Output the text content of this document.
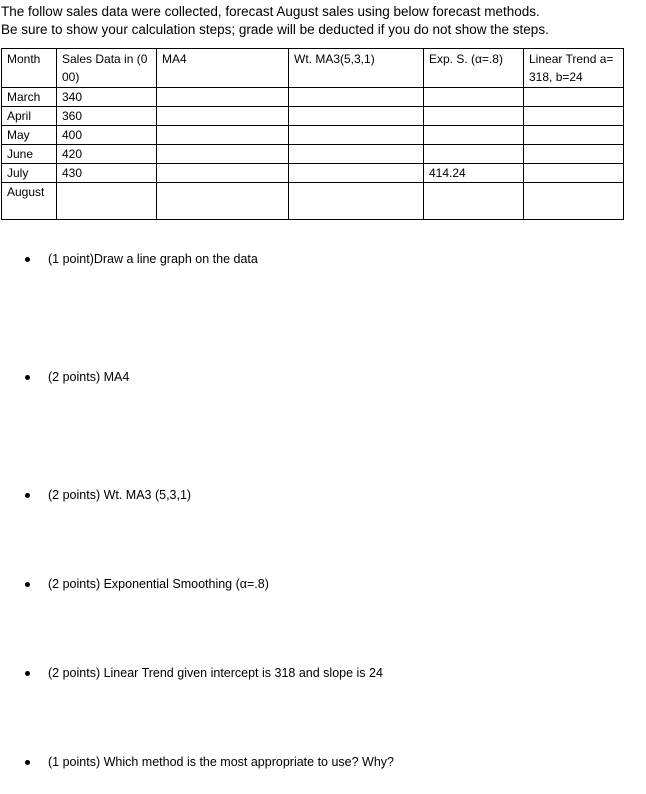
The follow sales data were collected, forecast August sales using below forecast methods.
Be sure to show your calculation steps; grade will be deducted if you do not show the steps.
Month	Sales Data in (000)	MA4	Wt. MA3(5,3,1)	Exp. S. (α=.8)	Linear Trend a=318, b=24
March	340				
April	360				
May	400				
June	420				
July	430			414.24	
August					
(1 point)Draw a line graph on the data
(2 points) MA4
(2 points) Wt. MA3 (5,3,1)
(2 points) Exponential Smoothing (α=.8)
(2 points) Linear Trend given intercept is 318 and slope is 24
(1 points) Which method is the most appropriate to use? Why?
